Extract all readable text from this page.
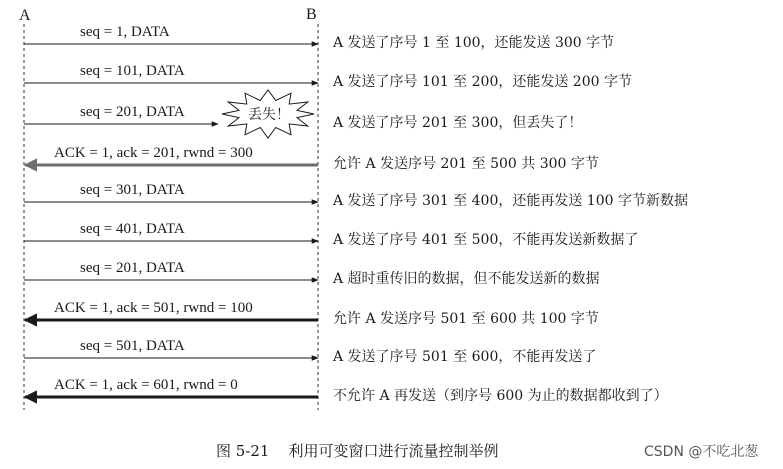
A	B
seq = 1, DATA
A 发送了序号 1 至 100，还能发送 300 字节
seq = 101, DATA
A 发送了序号 101 至 200，还能发送 200 字节
seq = 201, DATA	丢失！	A 发送了序号 201 至 300，但丢失了！
ACK = 1, ack = 201, rwnd = 300
允许 A 发送序号 201 至 500 共 300 字节
seq = 301, DATA
A 发送了序号 301 至 400，还能再发送 100 字节新数据
seq = 401, DATA
A 发送了序号 401 至 500，不能再发送新数据了
seq = 201, DATA
A 超时重传旧的数据，但不能发送新的数据
ACK = 1, ack = 501, rwnd = 100
允许 A 发送序号 501 至 600 共 100 字节
seq = 501, DATA
A 发送了序号 501 至 600，不能再发送了
ACK = 1, ack = 601, rwnd = 0
不允许 A 再发送（到序号 600 为止的数据都收到了）
图 5-21    利用可变窗口进行流量控制举例	CSDN @不吃北葱
